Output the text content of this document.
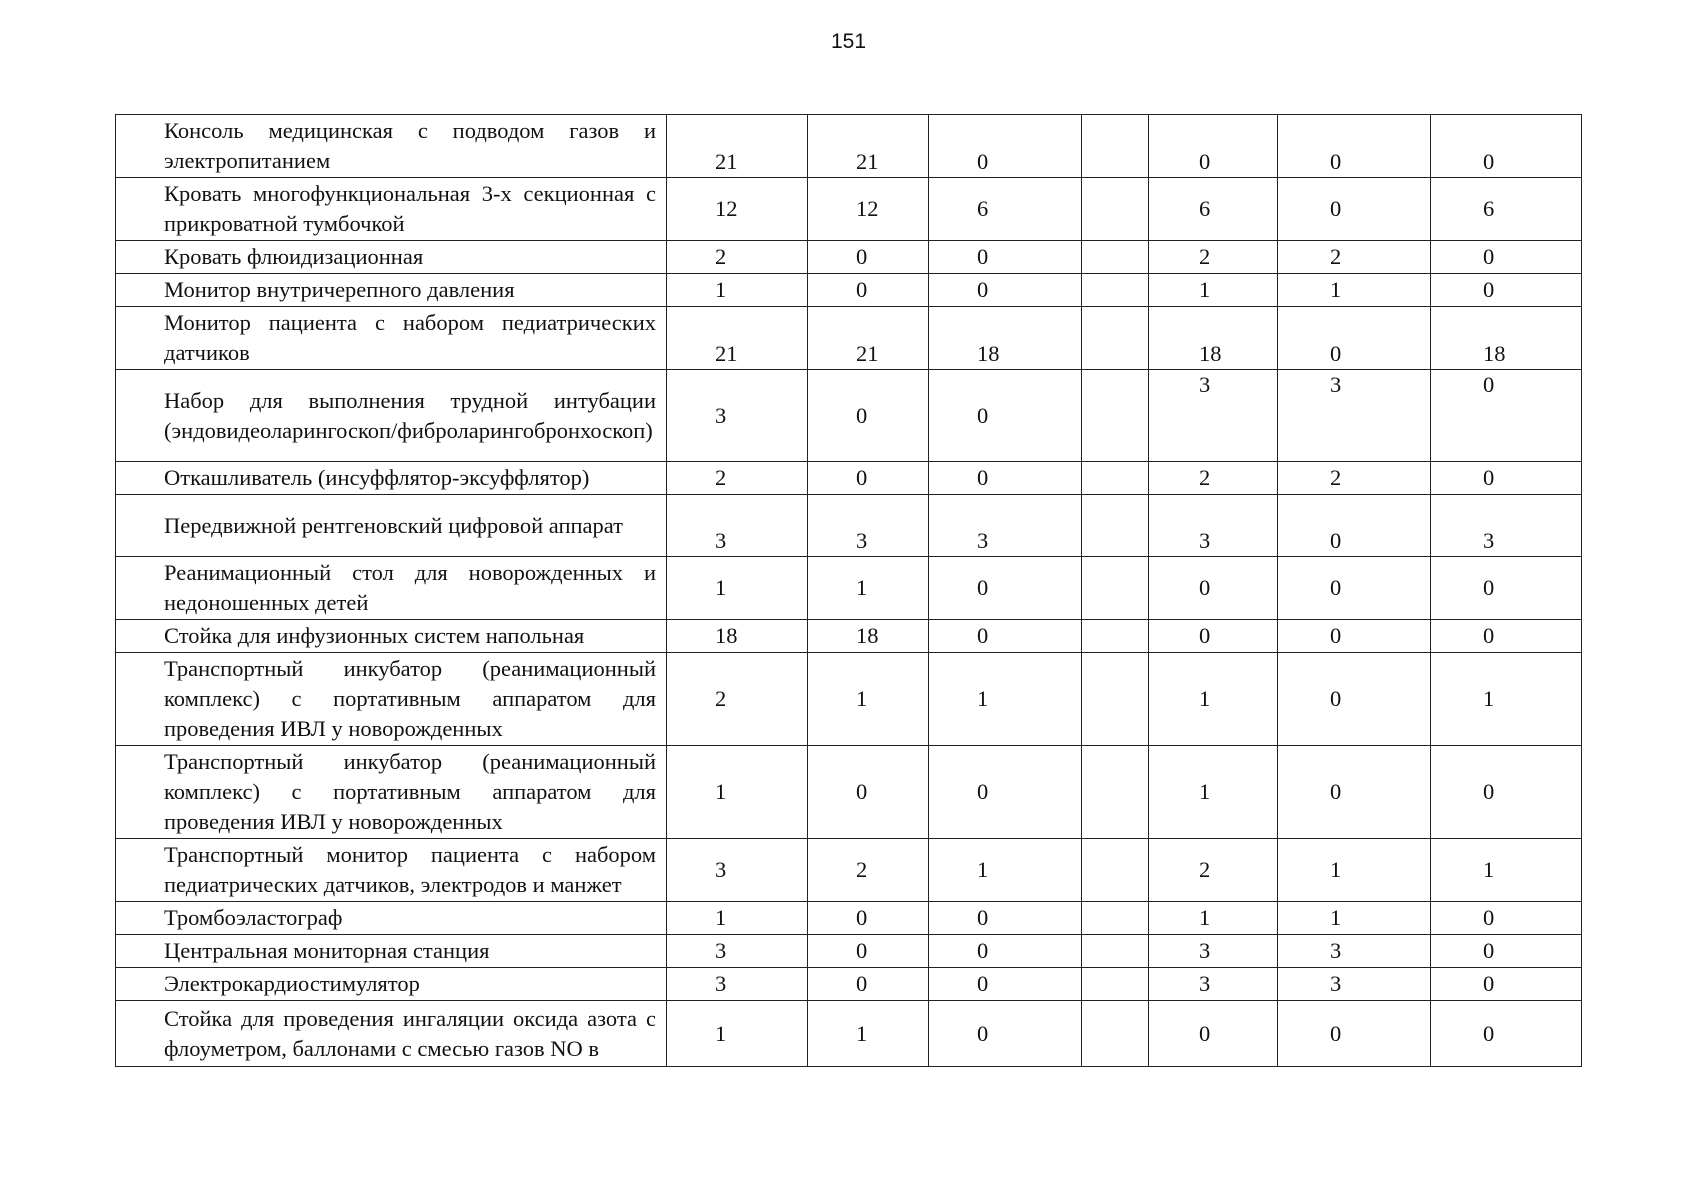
151
Консоль медицинская с подводом газов и электропитанием	21	21	0		0	0	0
Кровать многофункциональная 3-х секционная с прикроватной тумбочкой	12	12	6		6	0	6
Кровать флюидизационная	2	0	0		2	2	0
Монитор внутричерепного давления	1	0	0		1	1	0
Монитор пациента с набором педиатрических датчиков	21	21	18		18	0	18
Набор для выполнения трудной интубации (эндовидеоларингоскоп/фиброларингобронхоскоп)	3	0	0		3	3	0
Откашливатель (инсуффлятор-эксуффлятор)	2	0	0		2	2	0
Передвижной рентгеновский цифровой аппарат	3	3	3		3	0	3
Реанимационный стол для новорожденных и недоношенных детей	1	1	0		0	0	0
Стойка для инфузионных систем напольная	18	18	0		0	0	0
Транспортный инкубатор (реанимационный комплекс) с портативным аппаратом для проведения ИВЛ у новорожденных	2	1	1		1	0	1
Транспортный инкубатор (реанимационный комплекс) с портативным аппаратом для проведения ИВЛ у новорожденных	1	0	0		1	0	0
Транспортный монитор пациента с набором педиатрических датчиков, электродов и манжет	3	2	1		2	1	1
Тромбоэластограф	1	0	0		1	1	0
Центральная мониторная станция	3	0	0		3	3	0
Электрокардиостимулятор	3	0	0		3	3	0
Стойка для проведения ингаляции оксида азота с флоуметром, баллонами с смесью газов NO в	1	1	0		0	0	0
